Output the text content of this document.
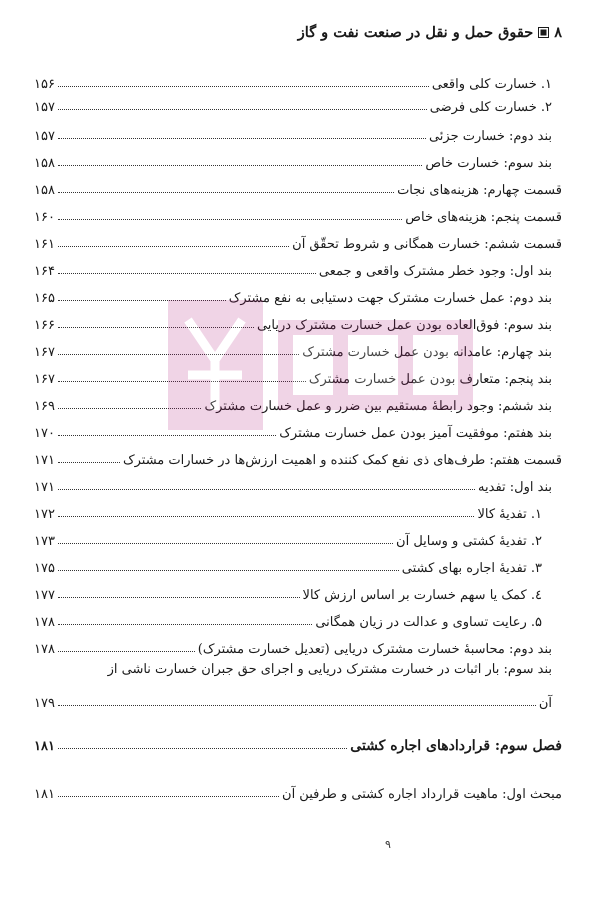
۸
حقوق حمل و نقل در صنعت نفت و گاز
۱. خسارت کلی واقعی
۱۵۶
۲. خسارت کلی فرضی
۱۵۷
بند دوم: خسارت جزئی
۱۵۷
بند سوم: خسارت خاص
۱۵۸
قسمت چهارم: هزینه‌های نجات
۱۵۸
قسمت پنجم: هزینه‌های خاص
۱۶۰
قسمت ششم: خسارت همگانی و شروط تحقّق آن
۱۶۱
بند اول: وجود خطر مشترک واقعی و جمعی
۱۶۴
بند دوم: عمل خسارت مشترک جهت دستیابی به نفع مشترک
۱۶۵
بند سوم: فوق‌العاده بودن عمل خسارت مشترک دریایی
۱۶۶
بند چهارم: عامدانه بودن عمل خسارت مشترک
۱۶۷
بند پنجم: متعارف بودن عمل خسارت مشترک
۱۶۷
بند ششم: وجود رابطهٔ مستقیم بین ضرر و عمل خسارت مشترک
۱۶۹
بند هفتم: موفقیت آمیز بودن عمل خسارت مشترک
۱۷۰
قسمت هفتم: طرف‌های ذی نفع کمک کننده و اهمیت ارزش‌ها در خسارات مشترک
۱۷۱
بند اول: تفدیه
۱۷۱
۱. تفدیهٔ کالا
۱۷۲
۲. تفدیهٔ کشتی و وسایل آن
۱۷۳
۳. تفدیهٔ اجاره بهای کشتی
۱۷۵
٤. کمک یا سهم خسارت بر اساس ارزش کالا
۱۷۷
۵. رعایت تساوی و عدالت در زیان همگانی
۱۷۸
بند دوم: محاسبهٔ خسارت مشترک دریایی (تعدیل خسارت مشترک)
۱۷۸
بند سوم: بار اثبات در خسارت مشترک دریایی و اجرای حق جبران خسارت ناشی از
آن
۱۷۹
فصل سوم: قراردادهای اجاره کشتی
۱۸۱
مبحث اول: ماهیت قرارداد اجاره کشتی و طرفین آن
۱۸۱
۹
